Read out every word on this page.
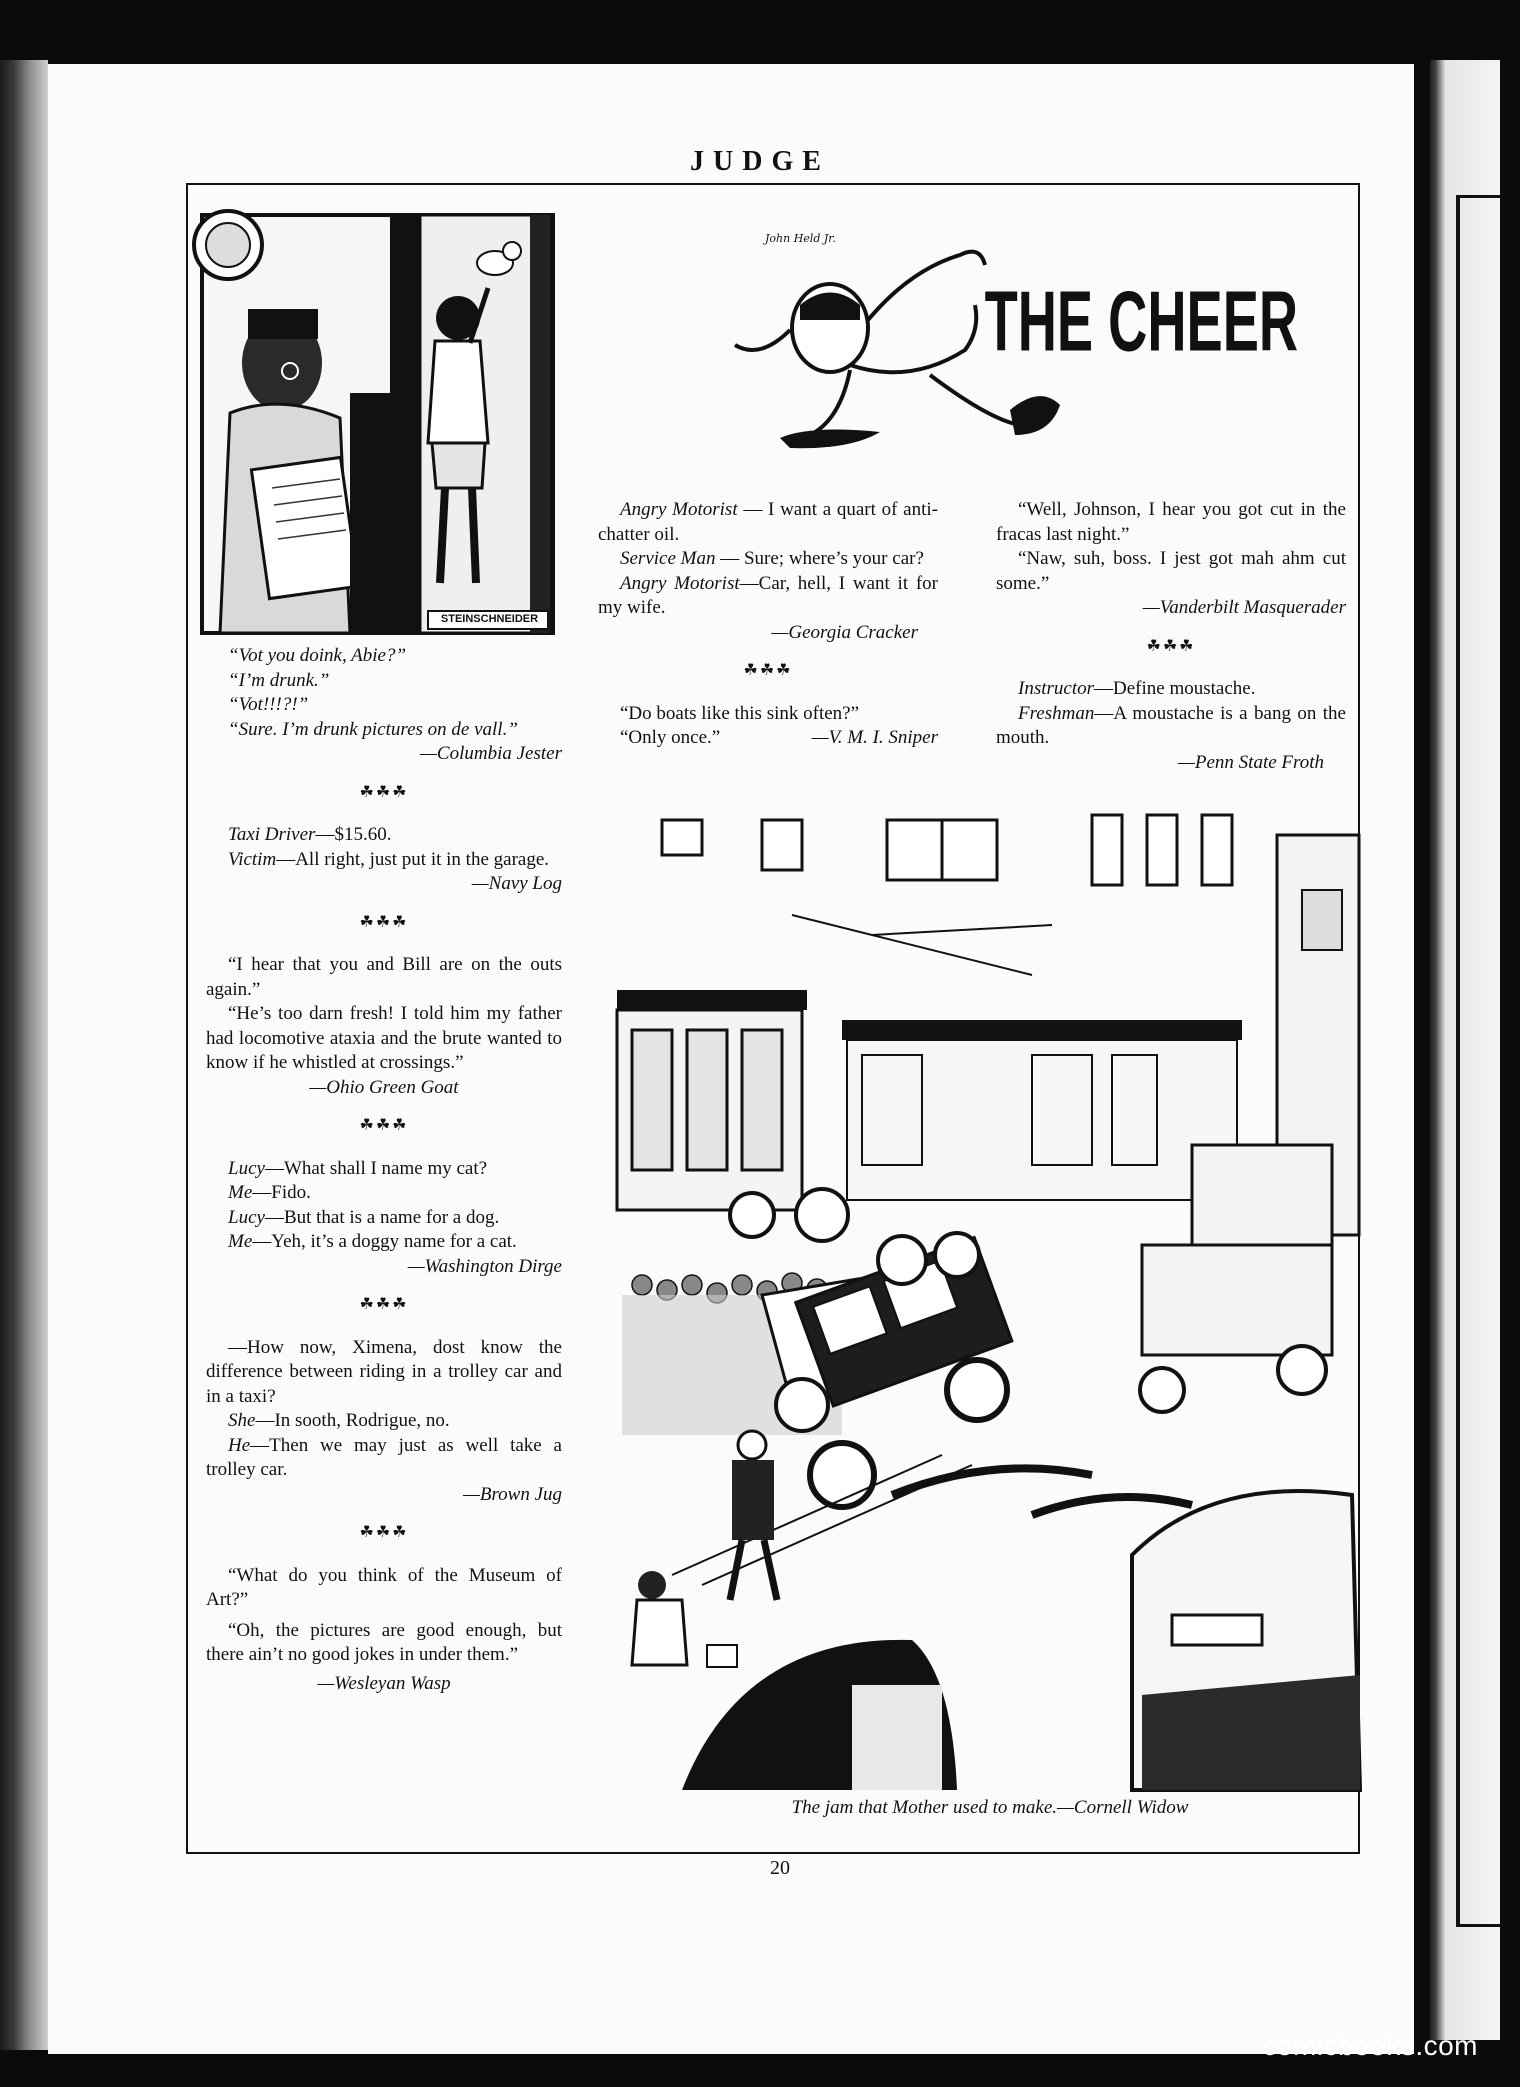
JUDGE
STEINSCHNEIDER
John Held Jr.
THE CHEER

“Vot you doink, Abie?”

“I’m drunk.”

“Vot!!!?!”

“Sure. I’m drunk pictures on de vall.”

—Columbia Jester

☘☘☘

Taxi Driver—$15.60.

Victim—All right, just put it in the garage.

—Navy Log

☘☘☘

“I hear that you and Bill are on the outs again.”

“He’s too darn fresh! I told him my father had locomotive ataxia and the brute wanted to know if he whistled at crossings.”

—Ohio Green Goat

☘☘☘

Lucy—What shall I name my cat?

Me—Fido.

Lucy—But that is a name for a dog.

Me—Yeh, it’s a doggy name for a cat.

—Washington Dirge

☘☘☘

—How now, Ximena, dost know the difference between riding in a trolley car and in a taxi?

She—In sooth, Rodrigue, no.

He—Then we may just as well take a trolley car.

—Brown Jug

☘☘☘

“What do you think of the Museum of Art?”

“Oh, the pictures are good enough, but there ain’t no good jokes in under them.”

—Wesleyan Wasp

Angry Motorist — I want a quart of anti-chatter oil.

Service Man — Sure; where’s your car?

Angry Motorist—Car, hell, I want it for my wife.

—Georgia Cracker

☘☘☘

“Do boats like this sink often?”

“Only once.”	—V. M. I. Sniper

“Well, Johnson, I hear you got cut in the fracas last night.”

“Naw, suh, boss. I jest got mah ahm cut some.”

—Vanderbilt Masquerader

☘☘☘

Instructor—Define moustache.

Freshman—A moustache is a bang on the mouth.

—Penn State Froth

The jam that Mother used to make.—Cornell Widow
20
comicbooks.com
